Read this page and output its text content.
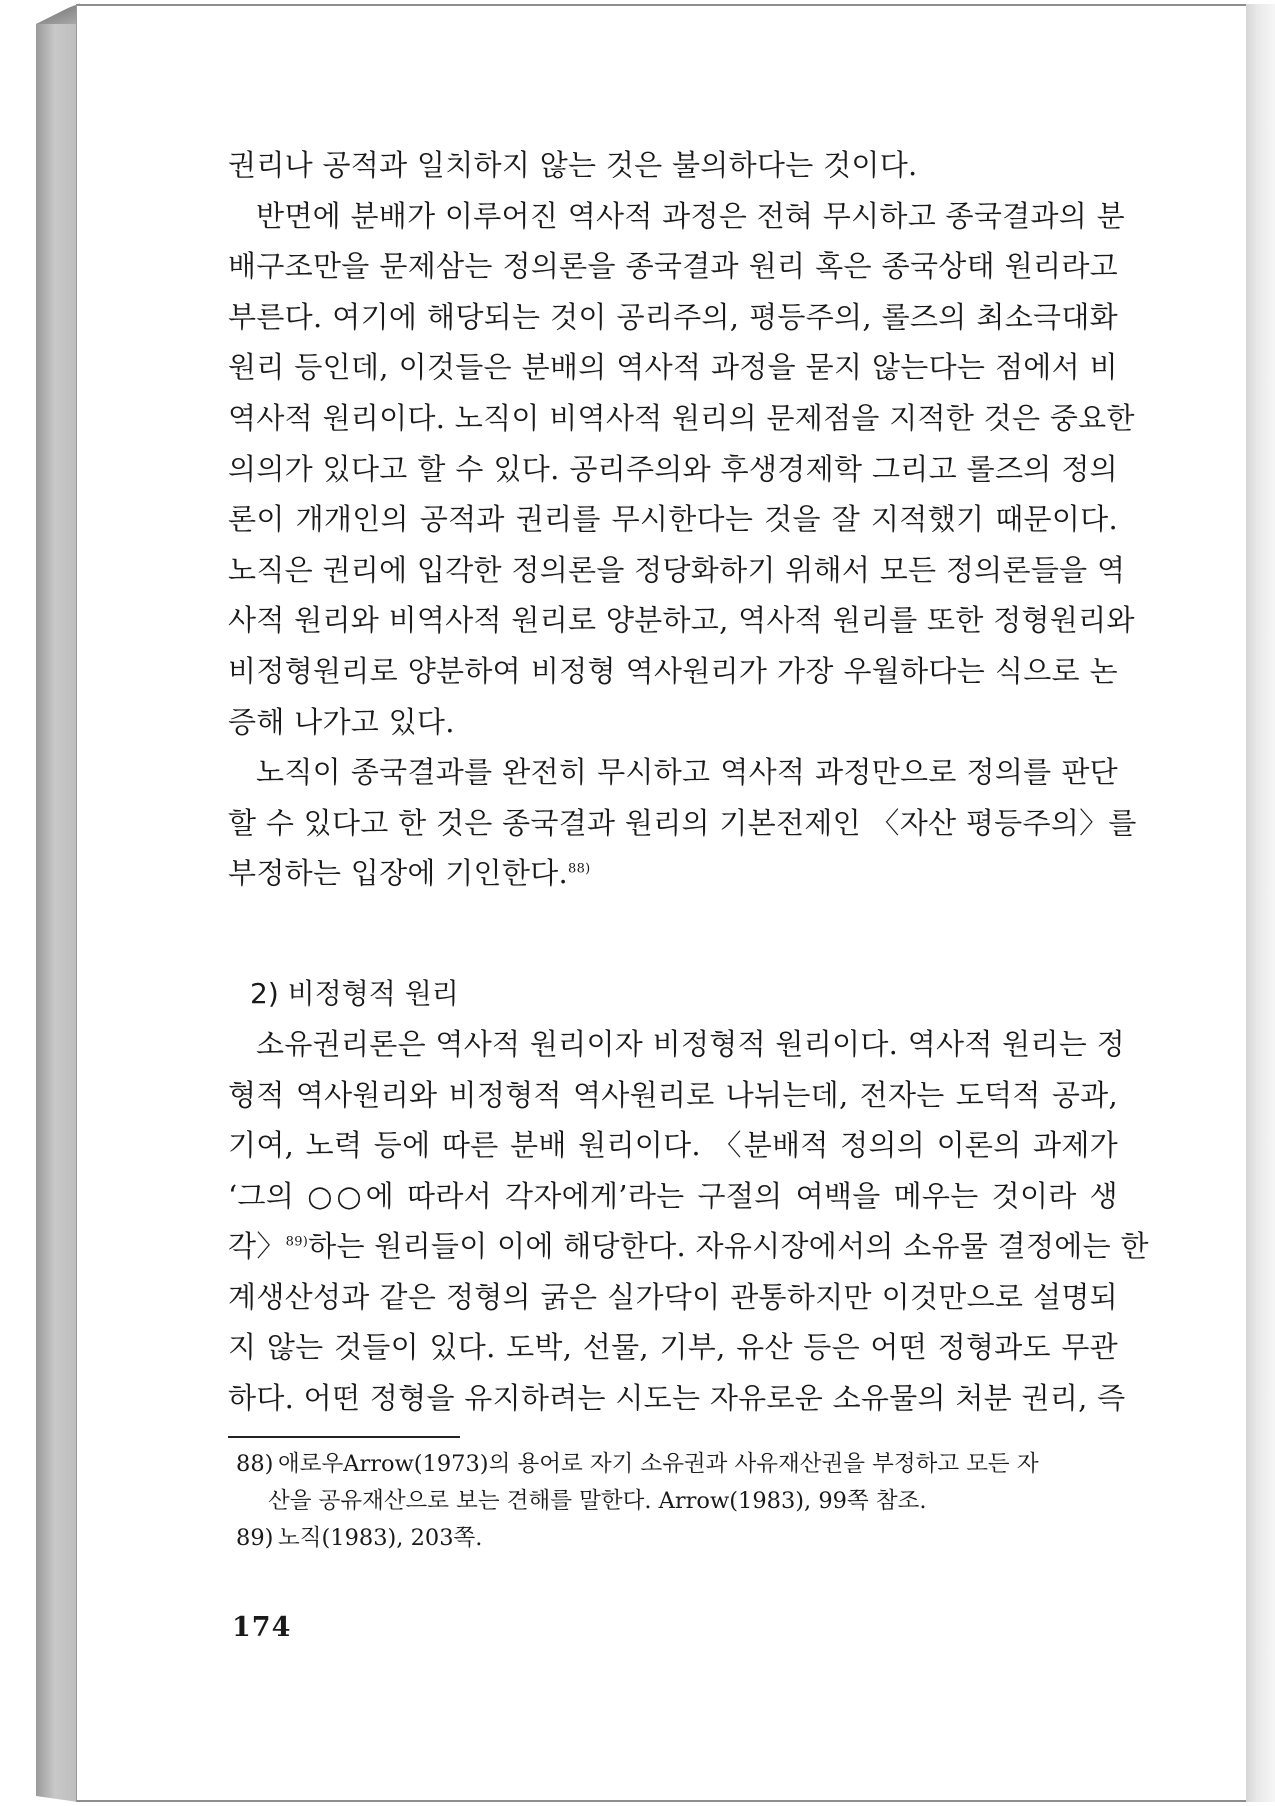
권리나 공적과 일치하지 않는 것은 불의하다는 것이다.

반면에 분배가 이루어진 역사적 과정은 전혀 무시하고 종국결과의 분
배구조만을 문제삼는 정의론을 종국결과 원리 혹은 종국상태 원리라고
부른다. 여기에 해당되는 것이 공리주의, 평등주의, 롤즈의 최소극대화
원리 등인데, 이것들은 분배의 역사적 과정을 묻지 않는다는 점에서 비
역사적 원리이다. 노직이 비역사적 원리의 문제점을 지적한 것은 중요한
의의가 있다고 할 수 있다. 공리주의와 후생경제학 그리고 롤즈의 정의
론이 개개인의 공적과 권리를 무시한다는 것을 잘 지적했기 때문이다.
노직은 권리에 입각한 정의론을 정당화하기 위해서 모든 정의론들을 역
사적 원리와 비역사적 원리로 양분하고, 역사적 원리를 또한 정형원리와
비정형원리로 양분하여 비정형 역사원리가 가장 우월하다는 식으로 논
증해 나가고 있다.

노직이 종국결과를 완전히 무시하고 역사적 과정만으로 정의를 판단
할 수 있다고 한 것은 종국결과 원리의 기본전제인 〈자산 평등주의〉를
부정하는 입장에 기인한다.$^{88)}$

2) 비정형적 원리

소유권리론은 역사적 원리이자 비정형적 원리이다. 역사적 원리는 정
형적 역사원리와 비정형적 역사원리로 나뉘는데, 전자는 도덕적 공과,
기여, 노력 등에 따른 분배 원리이다. 〈분배적 정의의 이론의 과제가
‘그의 ○○에 따라서 각자에게’라는 구절의 여백을 메우는 것이라 생
각〉$^{89)}$하는 원리들이 이에 해당한다. 자유시장에서의 소유물 결정에는 한
계생산성과 같은 정형의 굵은 실가닥이 관통하지만 이것만으로 설명되
지 않는 것들이 있다. 도박, 선물, 기부, 유산 등은 어떤 정형과도 무관
하다. 어떤 정형을 유지하려는 시도는 자유로운 소유물의 처분 권리, 즉

88) 애로우Arrow(1973)의 용어로 자기 소유권과 사유재산권을 부정하고 모든 자
산을 공유재산으로 보는 견해를 말한다. Arrow(1983), 99쪽 참조.

89) 노직(1983), 203쪽.

174
